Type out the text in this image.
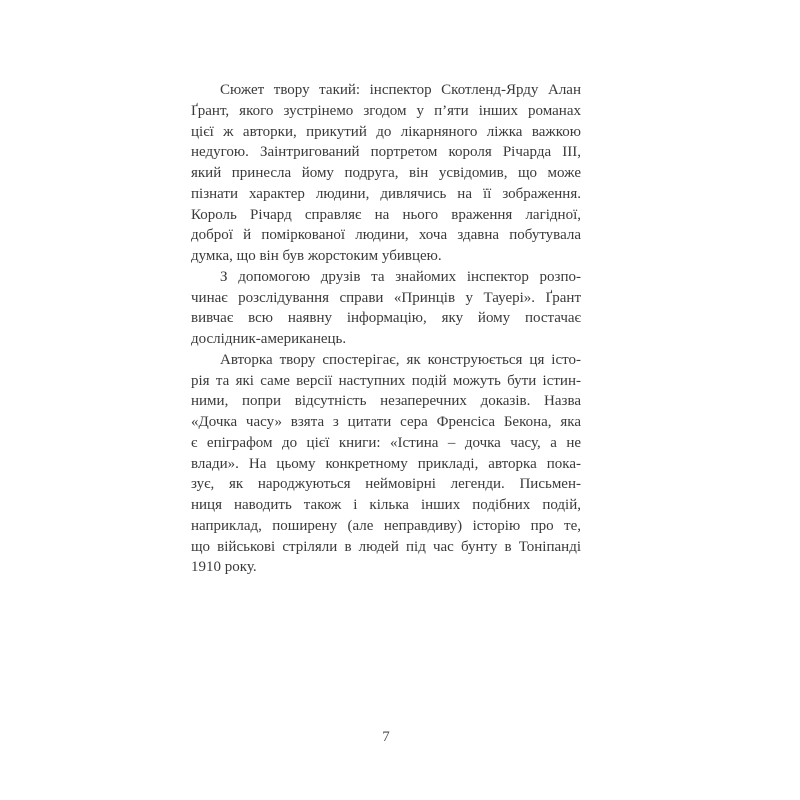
Сюжет твору такий: інспектор Скотленд-Ярду Алан
Ґрант, якого зустрінемо згодом у п’яти інших романах
цієї ж авторки, прикутий до лікарняного ліжка важкою
недугою. Заінтригований портретом короля Річарда ІІІ,
який принесла йому подруга, він усвідомив, що може
пізнати характер людини, дивлячись на її зображення.
Король Річард справляє на нього враження лагідної,
доброї й поміркованої людини, хоча здавна побутувала
думка, що він був жорстоким убивцею.
З допомогою друзів та знайомих інспектор розпо-
чинає розслідування справи «Принців у Тауері». Ґрант
вивчає всю наявну інформацію, яку йому постачає
дослідник-американець.
Авторка твору спостерігає, як конструюється ця істо-
рія та які саме версії наступних подій можуть бути істин-
ними, попри відсутність незаперечних доказів. Назва
«Дочка часу» взята з цитати сера Френсіса Бекона, яка
є епіграфом до цієї книги: «Істина – дочка часу, а не
влади». На цьому конкретному прикладі, авторка пока-
зує, як народжуються неймовірні легенди. Письмен-
ниця наводить також і кілька інших подібних подій,
наприклад, поширену (але неправдиву) історію про те,
що військові стріляли в людей під час бунту в Тоніпанді
1910 року.
7
